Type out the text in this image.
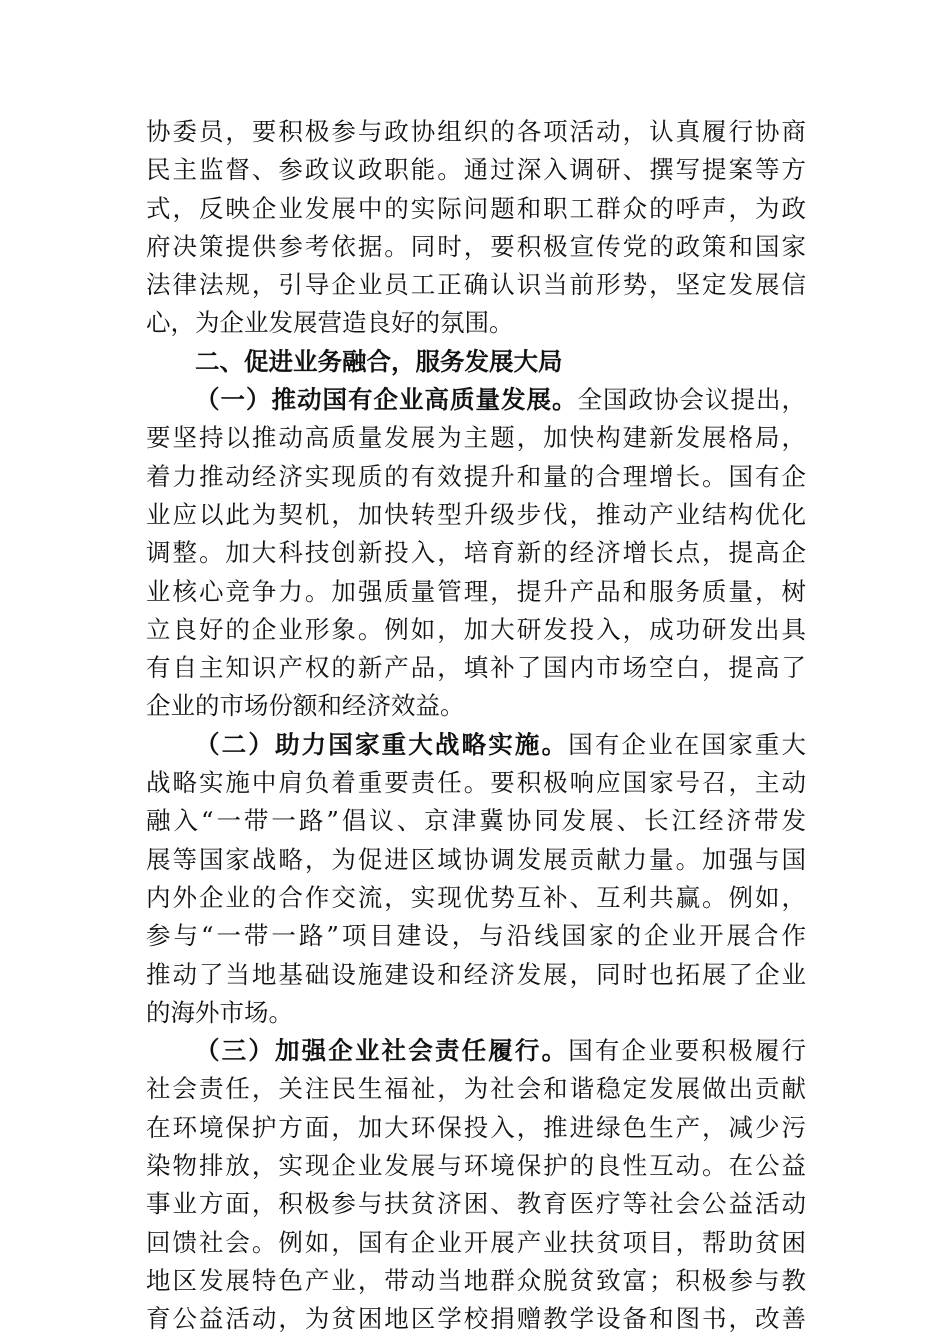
协委员，要积极参与政协组织的各项活动，认真履行协商
民主监督、参政议政职能。通过深入调研、撰写提案等方
式，反映企业发展中的实际问题和职工群众的呼声，为政
府决策提供参考依据。同时，要积极宣传党的政策和国家
法律法规，引导企业员工正确认识当前形势，坚定发展信
心，为企业发展营造良好的氛围。
二、促进业务融合，服务发展大局
（一）推动国有企业高质量发展。全国政协会议提出，
要坚持以推动高质量发展为主题，加快构建新发展格局，
着力推动经济实现质的有效提升和量的合理增长。国有企
业应以此为契机，加快转型升级步伐，推动产业结构优化
调整。加大科技创新投入，培育新的经济增长点，提高企
业核心竞争力。加强质量管理，提升产品和服务质量，树
立良好的企业形象。例如，加大研发投入，成功研发出具
有自主知识产权的新产品，填补了国内市场空白，提高了
企业的市场份额和经济效益。
（二）助力国家重大战略实施。国有企业在国家重大
战略实施中肩负着重要责任。要积极响应国家号召，主动
融入“一带一路”倡议、京津冀协同发展、长江经济带发
展等国家战略，为促进区域协调发展贡献力量。加强与国
内外企业的合作交流，实现优势互补、互利共赢。例如，
参与“一带一路”项目建设，与沿线国家的企业开展合作
推动了当地基础设施建设和经济发展，同时也拓展了企业
的海外市场。
（三）加强企业社会责任履行。国有企业要积极履行
社会责任，关注民生福祉，为社会和谐稳定发展做出贡献
在环境保护方面，加大环保投入，推进绿色生产，减少污
染物排放，实现企业发展与环境保护的良性互动。在公益
事业方面，积极参与扶贫济困、教育医疗等社会公益活动
回馈社会。例如，国有企业开展产业扶贫项目，帮助贫困
地区发展特色产业，带动当地群众脱贫致富；积极参与教
育公益活动，为贫困地区学校捐赠教学设备和图书，改善
